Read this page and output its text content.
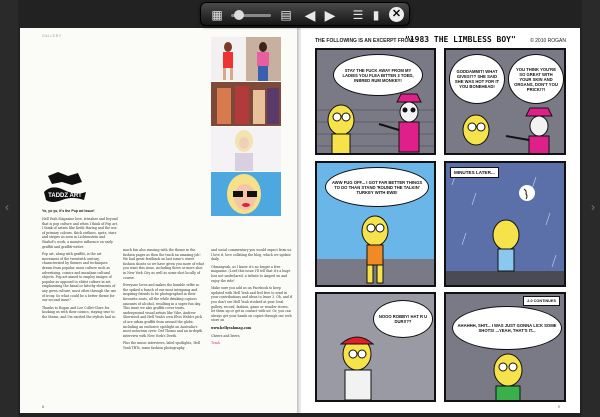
‹	›
GALLERY
TADDZ ART
Yo, yo yo, It's the Pop art Issue!

Hell Yeah Magazine love, trivialize and beyond that is pop culture and when I think of Pop art, I think of artists like Keith Haring and the use of primary colours, thick outlines, spots, stars and stripes as seen in Lichtenstein and Warhol's work, a massive influence on early graffiti and graffiti-writer.

Pop art, along with graffiti, is the art movement of the twentieth century, characterised by themes and techniques drawn from popular, mass culture such as advertising, comics and mundane cultural objects. Pop art aimed to employ images of popular as opposed to elitist culture in art, emphasizing the banal or kitschy elements of any given culture, most often through the use of irony. So what could be a better theme for our second issue?

Thanks to Rogan and Lee Collet-Clare for hooking us with their comics, staying true to the theme, and I'm excited the stylists had so

much fun also running with the theme in the fashion pages as then the track an amazing job! We had great feedback on last issue's street fashion shoots so we have given you more of what you want this issue, including three or more shot in New York City as well as some shot locally of course.

Everyone loves and makes the humble selfie so the spiked a bunch of our most intriguing and inspiring friends to be photographed in their favourite seats, all the while drinking copious amounts of alcohol, resulting in a super fun day. This issue we also graffiti cover traits, underground visual artists like Vibe, Andrew Sherwood and Hell Yeah's own Elvis Webb's pick of ace urban graffiti from around the globe, including an exclusive spotlight on Australia's most notorious crew: Def Thomo and an in-depth interview with New York's Deeth.

Plus the music interviews, label spotlights, Hell Yeah TBTs, some fashion photography

and social commentary you would expect from us. I love it, love collating the blog, which we update daily.

Ohmanyeah, as I know it's no longer a free magazine. (Lord this issue I'll tell that it's a huge loss not undeclared, a tribute to Amped on and enjoy the ride!

Make sure you add us on Facebook to keep updated with Hell Yeah and feel free to send in your contributions and ideas to Issue 3. Oh, and if you don't see Hell Yeah stocked at your local gallery, record, fashion, game or wonder stores, let them up or get in contact with us! Or, you can always get your hands on copies through our web store on

www.hellyeahmag.com

Cheers and beers,

Trash

8
THE FOLLOWING IS AN EXCERPT FROM:
"1983 THE LIMBLESS BOY"	© 2010 ROGAN
STAY THE FUCK AWAY FROM MY LADIES YOU FLEA BITTEN 3 TOED, INBRED RUM MONKEY!
GODDAMMIT! WHAT GIVES!?? SHE SAID SHE WAS HOT FOR IT YOU BONEHEAD!
YOU THINK YOU'RE SO GREAT WITH YOUR SKIN AND ORGANS, DON'T YOU PRICK!?!
AWW FUG OFF... I GOT FAR BETTER THINGS TO DO THAN STAND 'ROUND THE TALKIN' TURKEY WITH EWE!
MINUTES LATER...
NOOO ROBBY! HAT R U DUR!!??
2.0 CONTINUES
AHAHHH, SHIT... I WAS JUST GONNA LICK SOME SHOTS! ...YEAH, THAT'S IT...
9
▦	▤ ◀ ▶	☰ ▮	✕
